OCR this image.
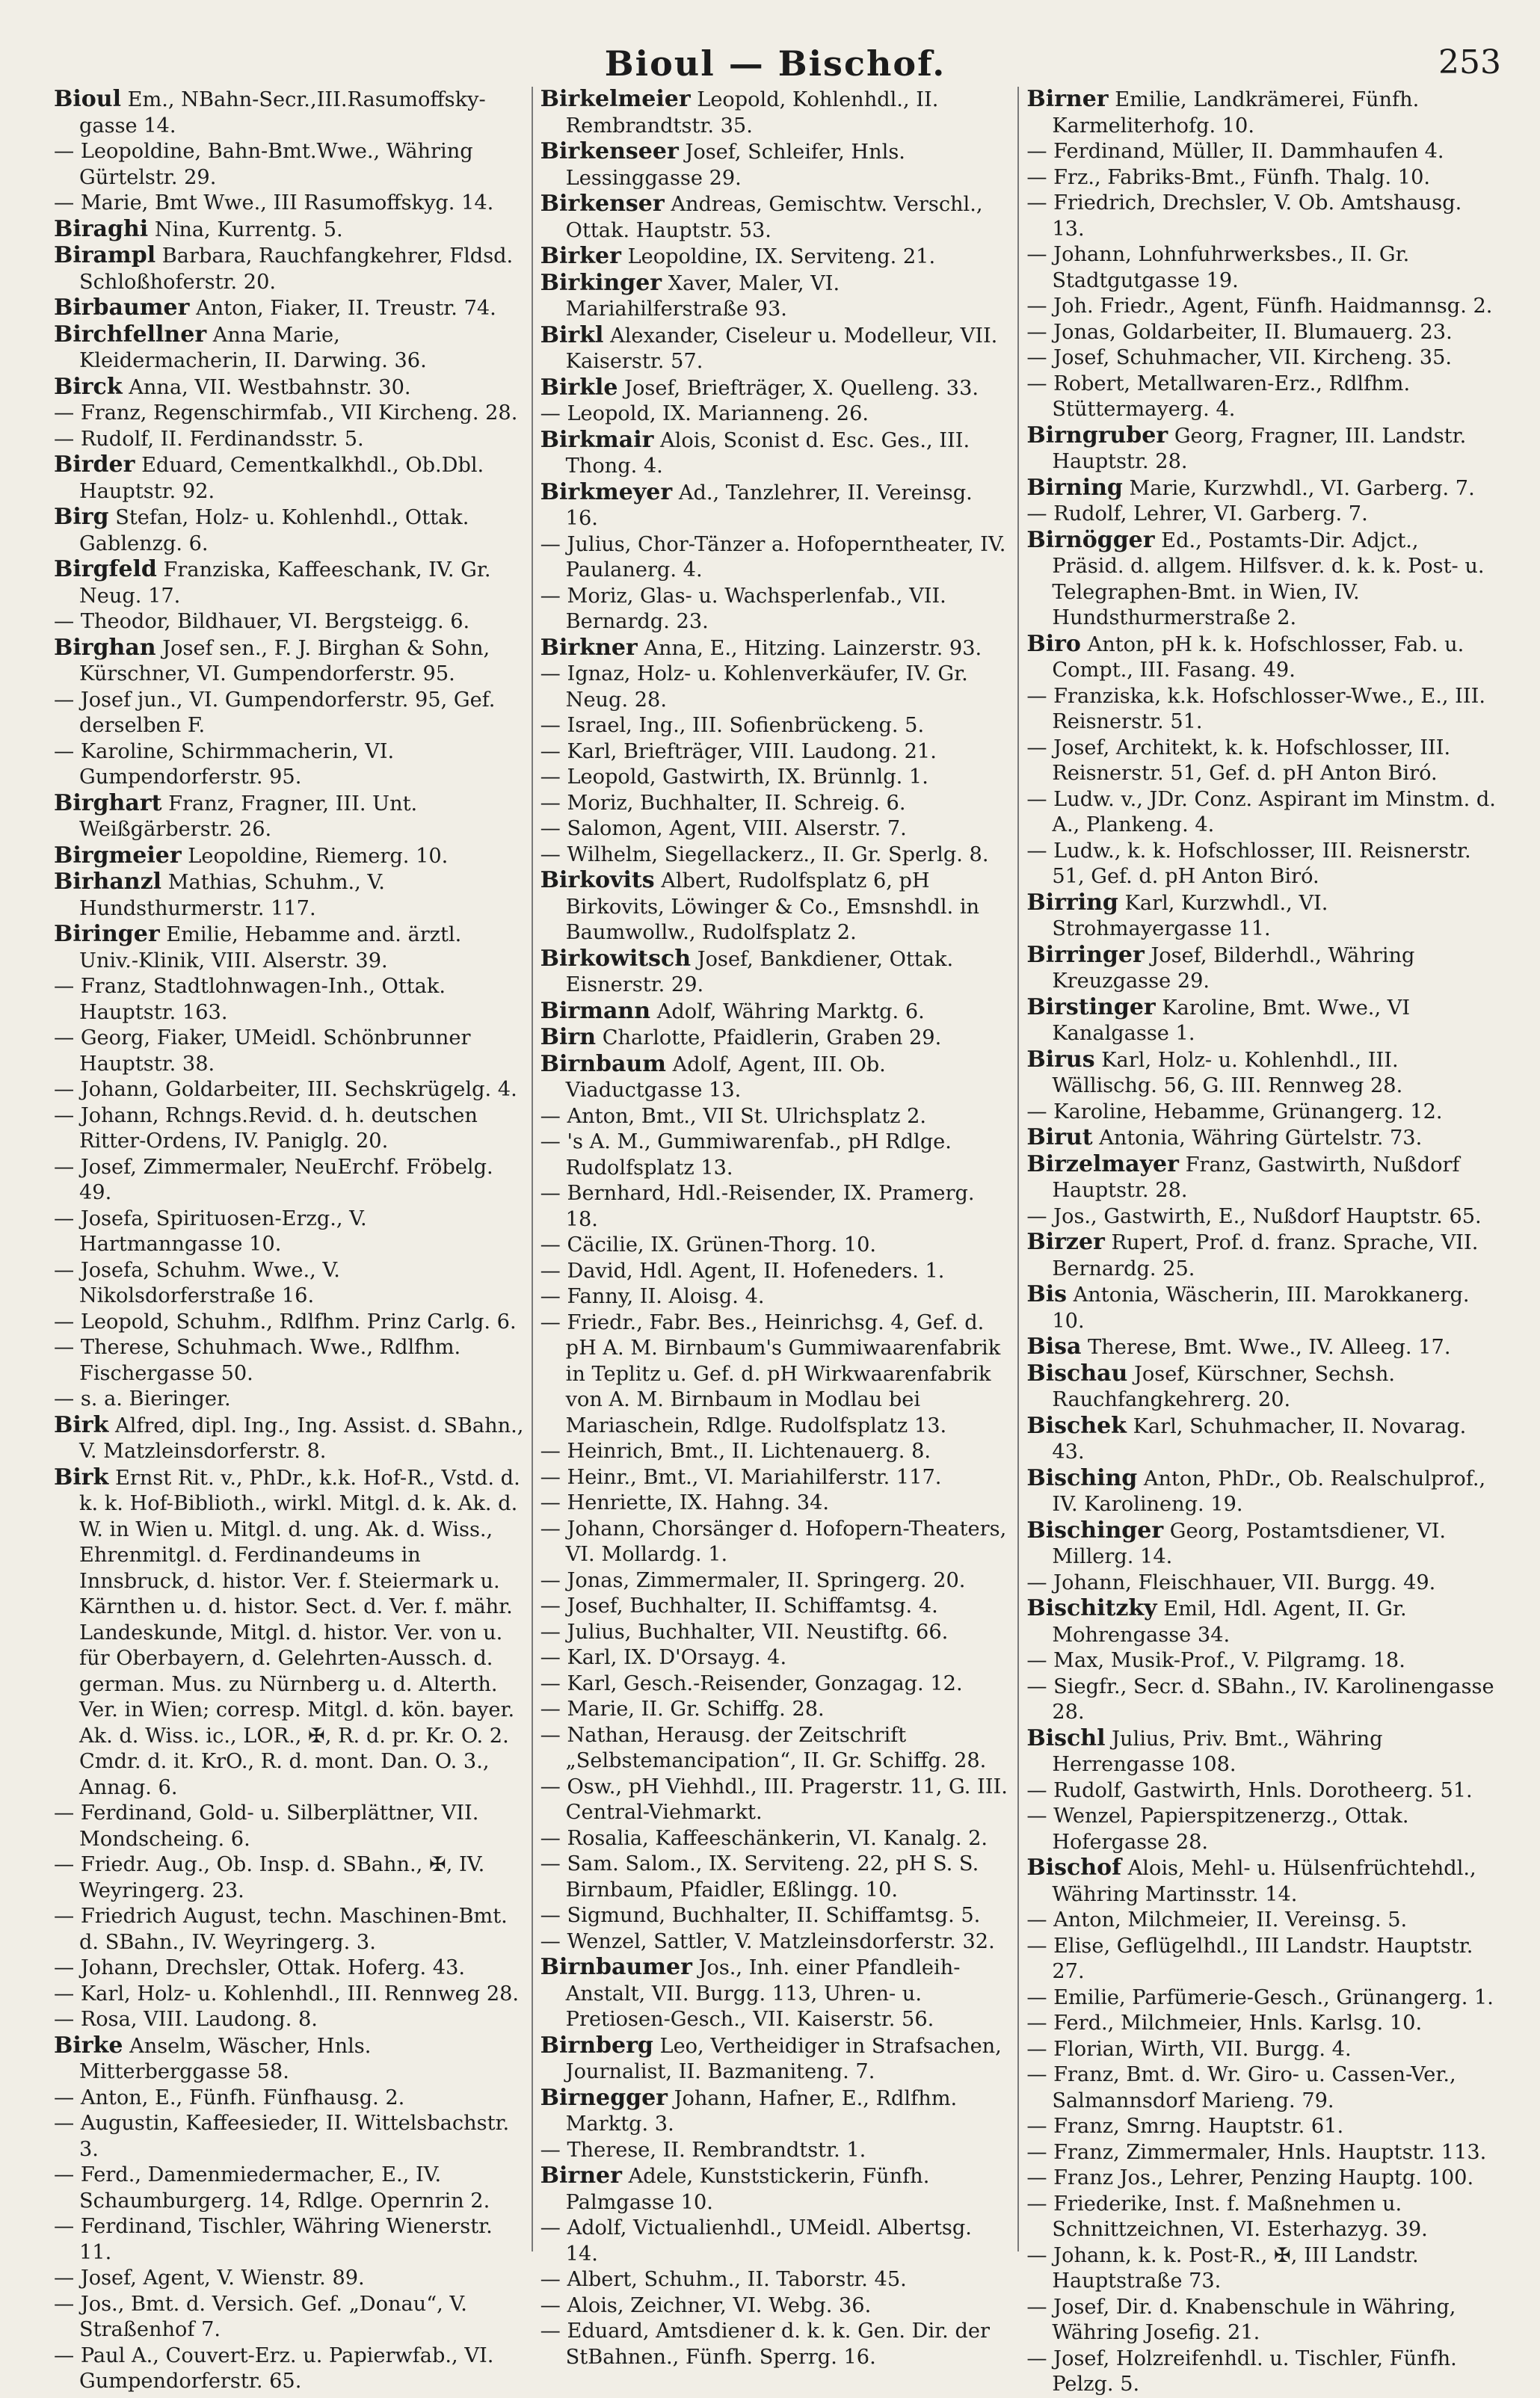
Bioul — Bischof.	253
Bioul Em., NBahn-Secr.,III.Rasumoffsky-gasse 14.
— Leopoldine, Bahn-Bmt.Wwe., Währing Gürtelstr. 29.
— Marie, Bmt Wwe., III Rasumoffskyg. 14.
Biraghi Nina, Kurrentg. 5.
Birampl Barbara, Rauchfangkehrer, Fldsd. Schloßhoferstr. 20.
Birbaumer Anton, Fiaker, II. Treustr. 74.
Birchfellner Anna Marie, Kleidermacherin, II. Darwing. 36.
Birck Anna, VII. Westbahnstr. 30.
— Franz, Regenschirmfab., VII Kircheng. 28.
— Rudolf, II. Ferdinandsstr. 5.
Birder Eduard, Cementkalkhdl., Ob.Dbl. Hauptstr. 92.
Birg Stefan, Holz- u. Kohlenhdl., Ottak. Gablenzg. 6.
Birgfeld Franziska, Kaffeeschank, IV. Gr. Neug. 17.
— Theodor, Bildhauer, VI. Bergsteigg. 6.
Birghan Josef sen., F. J. Birghan & Sohn, Kürschner, VI. Gumpendorferstr. 95.
— Josef jun., VI. Gumpendorferstr. 95, Gef. derselben F.
— Karoline, Schirmmacherin, VI. Gumpendorferstr. 95.
Birghart Franz, Fragner, III. Unt. Weißgärberstr. 26.
Birgmeier Leopoldine, Riemerg. 10.
Birhanzl Mathias, Schuhm., V. Hundsthurmerstr. 117.
Biringer Emilie, Hebamme and. ärztl. Univ.-Klinik, VIII. Alserstr. 39.
— Franz, Stadtlohnwagen-Inh., Ottak. Hauptstr. 163.
— Georg, Fiaker, UMeidl. Schönbrunner Hauptstr. 38.
— Johann, Goldarbeiter, III. Sechskrügelg. 4.
— Johann, Rchngs.Revid. d. h. deutschen Ritter-Ordens, IV. Paniglg. 20.
— Josef, Zimmermaler, NeuErchf. Fröbelg. 49.
— Josefa, Spirituosen-Erzg., V. Hartmanngasse 10.
— Josefa, Schuhm. Wwe., V. Nikolsdorferstraße 16.
— Leopold, Schuhm., Rdlfhm. Prinz Carlg. 6.
— Therese, Schuhmach. Wwe., Rdlfhm. Fischergasse 50.
— s. a. Bieringer.
Birk Alfred, dipl. Ing., Ing. Assist. d. SBahn., V. Matzleinsdorferstr. 8.
Birk Ernst Rit. v., PhDr., k.k. Hof-R., Vstd. d. k. k. Hof-Biblioth., wirkl. Mitgl. d. k. Ak. d. W. in Wien u. Mitgl. d. ung. Ak. d. Wiss., Ehrenmitgl. d. Ferdinandeums in Innsbruck, d. histor. Ver. f. Steiermark u. Kärnthen u. d. histor. Sect. d. Ver. f. mähr. Landeskunde, Mitgl. d. histor. Ver. von u. für Oberbayern, d. Gelehrten-Aussch. d. german. Mus. zu Nürnberg u. d. Alterth. Ver. in Wien; corresp. Mitgl. d. kön. bayer. Ak. d. Wiss. ic., LOR., ✠, R. d. pr. Kr. O. 2. Cmdr. d. it. KrO., R. d. mont. Dan. O. 3., Annag. 6.
— Ferdinand, Gold- u. Silberplättner, VII. Mondscheing. 6.
— Friedr. Aug., Ob. Insp. d. SBahn., ✠, IV. Weyringerg. 23.
— Friedrich August, techn. Maschinen-Bmt. d. SBahn., IV. Weyringerg. 3.
— Johann, Drechsler, Ottak. Hoferg. 43.
— Karl, Holz- u. Kohlenhdl., III. Rennweg 28.
— Rosa, VIII. Laudong. 8.
Birke Anselm, Wäscher, Hnls. Mitterberggasse 58.
— Anton, E., Fünfh. Fünfhausg. 2.
— Augustin, Kaffeesieder, II. Wittelsbachstr. 3.
— Ferd., Damenmiedermacher, E., IV. Schaumburgerg. 14, Rdlge. Opernrin 2.
— Ferdinand, Tischler, Währing Wienerstr. 11.
— Josef, Agent, V. Wienstr. 89.
— Jos., Bmt. d. Versich. Gef. „Donau“, V. Straßenhof 7.
— Paul A., Couvert-Erz. u. Papierwfab., VI. Gumpendorferstr. 65.
Birkelmeier Leopold, Kohlenhdl., II. Rembrandtstr. 35.
Birkenseer Josef, Schleifer, Hnls. Lessinggasse 29.
Birkenser Andreas, Gemischtw. Verschl., Ottak. Hauptstr. 53.
Birker Leopoldine, IX. Serviteng. 21.
Birkinger Xaver, Maler, VI. Mariahilferstraße 93.
Birkl Alexander, Ciseleur u. Modelleur, VII. Kaiserstr. 57.
Birkle Josef, Briefträger, X. Quelleng. 33.
— Leopold, IX. Marianneng. 26.
Birkmair Alois, Sconist d. Esc. Ges., III. Thong. 4.
Birkmeyer Ad., Tanzlehrer, II. Vereinsg. 16.
— Julius, Chor-Tänzer a. Hofoperntheater, IV. Paulanerg. 4.
— Moriz, Glas- u. Wachsperlenfab., VII. Bernardg. 23.
Birkner Anna, E., Hitzing. Lainzerstr. 93.
— Ignaz, Holz- u. Kohlenverkäufer, IV. Gr. Neug. 28.
— Israel, Ing., III. Sofienbrückeng. 5.
— Karl, Briefträger, VIII. Laudong. 21.
— Leopold, Gastwirth, IX. Brünnlg. 1.
— Moriz, Buchhalter, II. Schreig. 6.
— Salomon, Agent, VIII. Alserstr. 7.
— Wilhelm, Siegellackerz., II. Gr. Sperlg. 8.
Birkovits Albert, Rudolfsplatz 6, pH Birkovits, Löwinger & Co., Emsnshdl. in Baumwollw., Rudolfsplatz 2.
Birkowitsch Josef, Bankdiener, Ottak. Eisnerstr. 29.
Birmann Adolf, Währing Marktg. 6.
Birn Charlotte, Pfaidlerin, Graben 29.
Birnbaum Adolf, Agent, III. Ob. Viaductgasse 13.
— Anton, Bmt., VII St. Ulrichsplatz 2.
— 's A. M., Gummiwarenfab., pH Rdlge. Rudolfsplatz 13.
— Bernhard, Hdl.-Reisender, IX. Pramerg. 18.
— Cäcilie, IX. Grünen-Thorg. 10.
— David, Hdl. Agent, II. Hofeneders. 1.
— Fanny, II. Aloisg. 4.
— Friedr., Fabr. Bes., Heinrichsg. 4, Gef. d. pH A. M. Birnbaum's Gummiwaarenfabrik in Teplitz u. Gef. d. pH Wirkwaarenfabrik von A. M. Birnbaum in Modlau bei Mariaschein, Rdlge. Rudolfsplatz 13.
— Heinrich, Bmt., II. Lichtenauerg. 8.
— Heinr., Bmt., VI. Mariahilferstr. 117.
— Henriette, IX. Hahng. 34.
— Johann, Chorsänger d. Hofopern-Theaters, VI. Mollardg. 1.
— Jonas, Zimmermaler, II. Springerg. 20.
— Josef, Buchhalter, II. Schiffamtsg. 4.
— Julius, Buchhalter, VII. Neustiftg. 66.
— Karl, IX. D'Orsayg. 4.
— Karl, Gesch.-Reisender, Gonzagag. 12.
— Marie, II. Gr. Schiffg. 28.
— Nathan, Herausg. der Zeitschrift „Selbstemancipation“, II. Gr. Schiffg. 28.
— Osw., pH Viehhdl., III. Pragerstr. 11, G. III. Central-Viehmarkt.
— Rosalia, Kaffeeschänkerin, VI. Kanalg. 2.
— Sam. Salom., IX. Serviteng. 22, pH S. S. Birnbaum, Pfaidler, Eßlingg. 10.
— Sigmund, Buchhalter, II. Schiffamtsg. 5.
— Wenzel, Sattler, V. Matzleinsdorferstr. 32.
Birnbaumer Jos., Inh. einer Pfandleih-Anstalt, VII. Burgg. 113, Uhren- u. Pretiosen-Gesch., VII. Kaiserstr. 56.
Birnberg Leo, Vertheidiger in Strafsachen, Journalist, II. Bazmaniteng. 7.
Birnegger Johann, Hafner, E., Rdlfhm. Marktg. 3.
— Therese, II. Rembrandtstr. 1.
Birner Adele, Kunststickerin, Fünfh. Palmgasse 10.
— Adolf, Victualienhdl., UMeidl. Albertsg. 14.
— Albert, Schuhm., II. Taborstr. 45.
— Alois, Zeichner, VI. Webg. 36.
— Eduard, Amtsdiener d. k. k. Gen. Dir. der StBahnen., Fünfh. Sperrg. 16.
Birner Emilie, Landkrämerei, Fünfh. Karmeliterhofg. 10.
— Ferdinand, Müller, II. Dammhaufen 4.
— Frz., Fabriks-Bmt., Fünfh. Thalg. 10.
— Friedrich, Drechsler, V. Ob. Amtshausg. 13.
— Johann, Lohnfuhrwerksbes., II. Gr. Stadtgutgasse 19.
— Joh. Friedr., Agent, Fünfh. Haidmannsg. 2.
— Jonas, Goldarbeiter, II. Blumauerg. 23.
— Josef, Schuhmacher, VII. Kircheng. 35.
— Robert, Metallwaren-Erz., Rdlfhm. Stüttermayerg. 4.
Birngruber Georg, Fragner, III. Landstr. Hauptstr. 28.
Birning Marie, Kurzwhdl., VI. Garberg. 7.
— Rudolf, Lehrer, VI. Garberg. 7.
Birnögger Ed., Postamts-Dir. Adjct., Präsid. d. allgem. Hilfsver. d. k. k. Post- u. Telegraphen-Bmt. in Wien, IV. Hundsthurmerstraße 2.
Biro Anton, pH k. k. Hofschlosser, Fab. u. Compt., III. Fasang. 49.
— Franziska, k.k. Hofschlosser-Wwe., E., III. Reisnerstr. 51.
— Josef, Architekt, k. k. Hofschlosser, III. Reisnerstr. 51, Gef. d. pH Anton Biró.
— Ludw. v., JDr. Conz. Aspirant im Minstm. d. A., Plankeng. 4.
— Ludw., k. k. Hofschlosser, III. Reisnerstr. 51, Gef. d. pH Anton Biró.
Birring Karl, Kurzwhdl., VI. Strohmayergasse 11.
Birringer Josef, Bilderhdl., Währing Kreuzgasse 29.
Birstinger Karoline, Bmt. Wwe., VI Kanalgasse 1.
Birus Karl, Holz- u. Kohlenhdl., III. Wällischg. 56, G. III. Rennweg 28.
— Karoline, Hebamme, Grünangerg. 12.
Birut Antonia, Währing Gürtelstr. 73.
Birzelmayer Franz, Gastwirth, Nußdorf Hauptstr. 28.
— Jos., Gastwirth, E., Nußdorf Hauptstr. 65.
Birzer Rupert, Prof. d. franz. Sprache, VII. Bernardg. 25.
Bis Antonia, Wäscherin, III. Marokkanerg. 10.
Bisa Therese, Bmt. Wwe., IV. Alleeg. 17.
Bischau Josef, Kürschner, Sechsh. Rauchfangkehrerg. 20.
Bischek Karl, Schuhmacher, II. Novarag. 43.
Bisching Anton, PhDr., Ob. Realschulprof., IV. Karolineng. 19.
Bischinger Georg, Postamtsdiener, VI. Millerg. 14.
— Johann, Fleischhauer, VII. Burgg. 49.
Bischitzky Emil, Hdl. Agent, II. Gr. Mohrengasse 34.
— Max, Musik-Prof., V. Pilgramg. 18.
— Siegfr., Secr. d. SBahn., IV. Karolinengasse 28.
Bischl Julius, Priv. Bmt., Währing Herrengasse 108.
— Rudolf, Gastwirth, Hnls. Dorotheerg. 51.
— Wenzel, Papierspitzenerzg., Ottak. Hofergasse 28.
Bischof Alois, Mehl- u. Hülsenfrüchtehdl., Währing Martinsstr. 14.
— Anton, Milchmeier, II. Vereinsg. 5.
— Elise, Geflügelhdl., III Landstr. Hauptstr. 27.
— Emilie, Parfümerie-Gesch., Grünangerg. 1.
— Ferd., Milchmeier, Hnls. Karlsg. 10.
— Florian, Wirth, VII. Burgg. 4.
— Franz, Bmt. d. Wr. Giro- u. Cassen-Ver., Salmannsdorf Marieng. 79.
— Franz, Smrng. Hauptstr. 61.
— Franz, Zimmermaler, Hnls. Hauptstr. 113.
— Franz Jos., Lehrer, Penzing Hauptg. 100.
— Friederike, Inst. f. Maßnehmen u. Schnittzeichnen, VI. Esterhazyg. 39.
— Johann, k. k. Post-R., ✠, III Landstr. Hauptstraße 73.
— Josef, Dir. d. Knabenschule in Währing, Währing Josefig. 21.
— Josef, Holzreifenhdl. u. Tischler, Fünfh. Pelzg. 5.
